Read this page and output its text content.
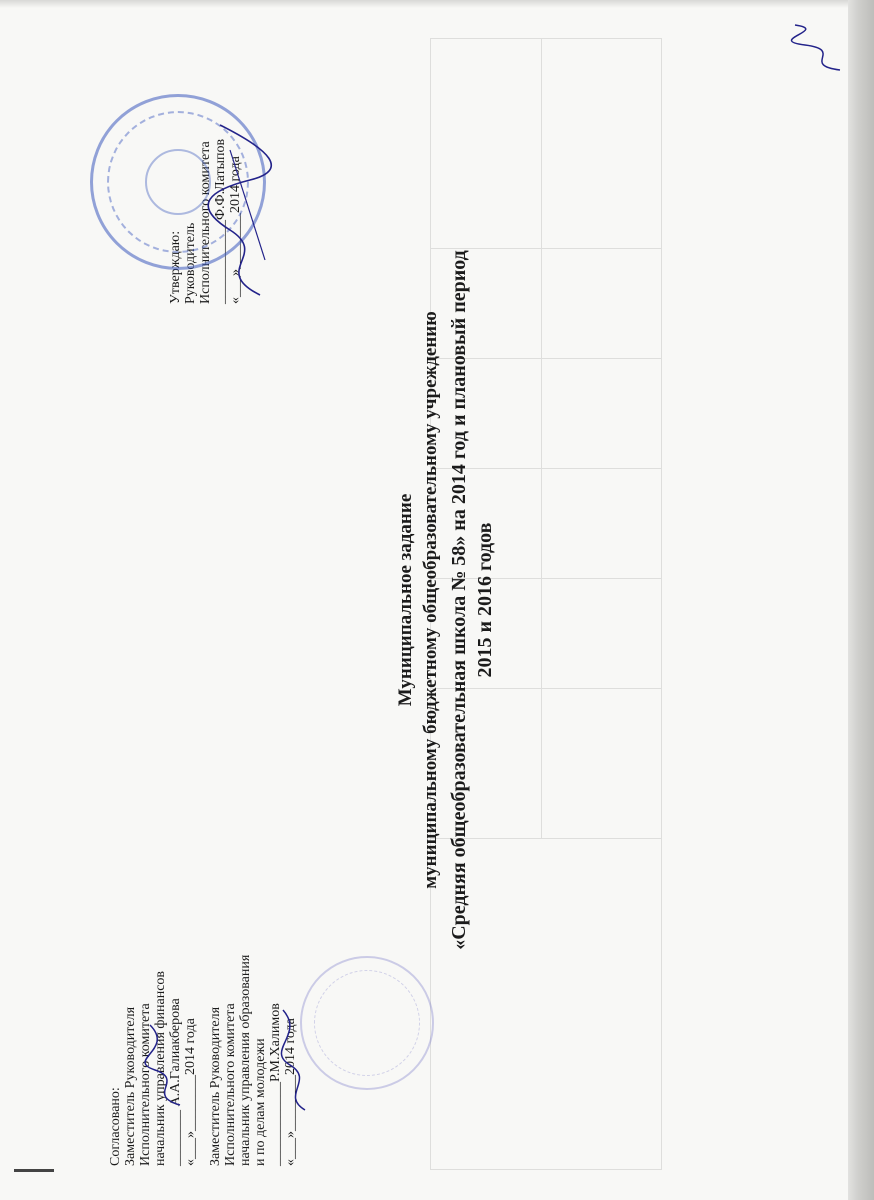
Согласовано: Заместитель Руководителя Исполнительного комитета начальник управления финансов ________ А.А.Галиакберова «___»________2014 года Заместитель Руководителя Исполнительного комитета начальник управления образования и по делам молодежи ____________Р.М.Халимов «___»________2014 года
Утверждаю: Руководитель Исполнительного комитета ____________Ф.Ф.Латыпов «___»________2014 года
Муниципальное задание муниципальному бюджетному общеобразовательному учреждению «Средняя общеобразовательная школа № 58» на 2014 год и плановый период 2015 и 2016 годов
